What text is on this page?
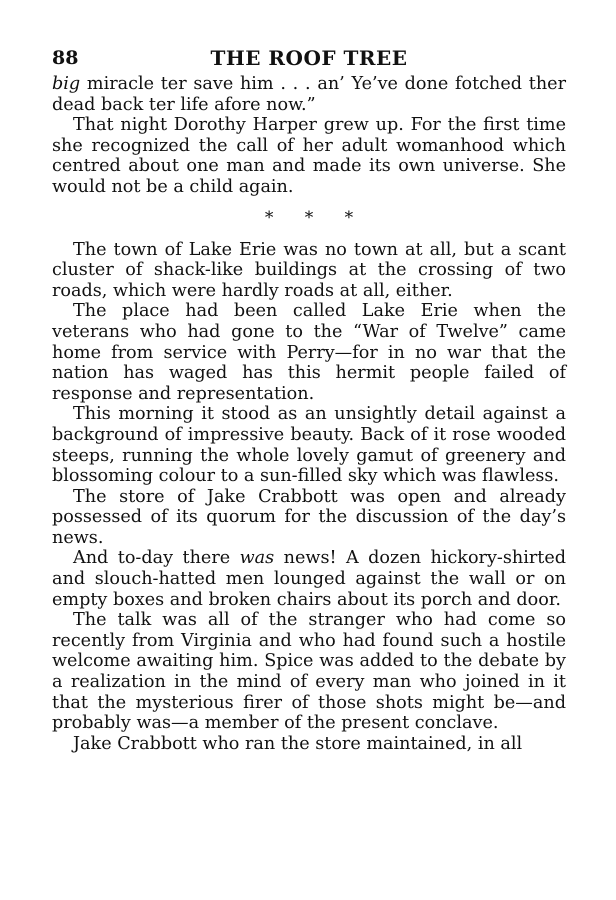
88	THE ROOF TREE

big miracle ter save him . . . an’ Ye’ve done fotched ther dead back ter life afore now.”

That night Dorothy Harper grew up. For the first time she recognized the call of her adult womanhood which centred about one man and made its own universe. She would not be a child again.

* * *

The town of Lake Erie was no town at all, but a scant cluster of shack-like buildings at the crossing of two roads, which were hardly roads at all, either.

The place had been called Lake Erie when the veterans who had gone to the “War of Twelve” came home from service with Perry—for in no war that the nation has waged has this hermit people failed of response and representation.

This morning it stood as an unsightly detail against a background of impressive beauty. Back of it rose wooded steeps, running the whole lovely gamut of greenery and blossoming colour to a sun-filled sky which was flawless.

The store of Jake Crabbott was open and already possessed of its quorum for the discussion of the day’s news.

And to-day there was news! A dozen hickory-shirted and slouch-hatted men lounged against the wall or on empty boxes and broken chairs about its porch and door.

The talk was all of the stranger who had come so recently from Virginia and who had found such a hostile welcome awaiting him. Spice was added to the debate by a realization in the mind of every man who joined in it that the mysterious firer of those shots might be—and probably was—a member of the present conclave.

Jake Crabbott who ran the store maintained, in all
